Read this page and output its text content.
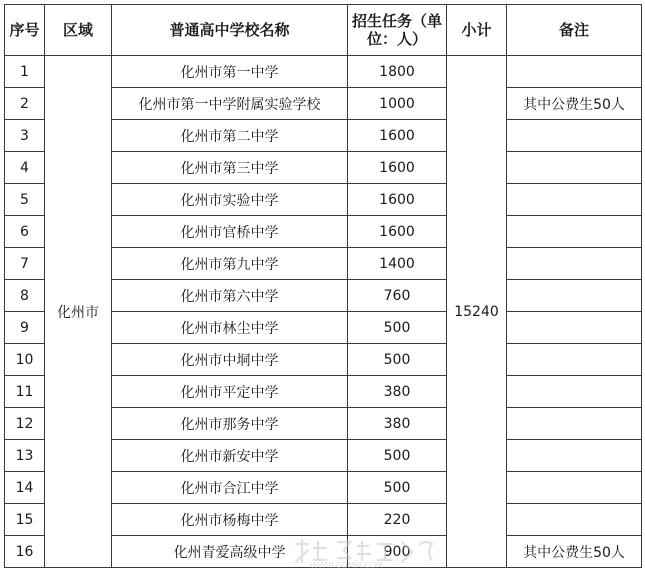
序号	区域	普通高中学校名称	招生任务（单位：人）	小计	备注
1	化州市	化州市第一中学	1800	15240	
2		化州市第一中学附属实验学校	1000		其中公费生50人
3		化州市第二中学	1600		
4		化州市第三中学	1600		
5		化州市实验中学	1600		
6		化州市官桥中学	1600		
7		化州市第九中学	1400		
8		化州市第六中学	760		
9		化州市林尘中学	500		
10		化州市中垌中学	500		
11		化州市平定中学	380		
12		化州市那务中学	380		
13		化州市新安中学	500		
14		化州市合江中学	500		
15		化州市杨梅中学	220		
16		化州青爱高级中学	900		其中公费生50人
WWW.GDMM.COM
